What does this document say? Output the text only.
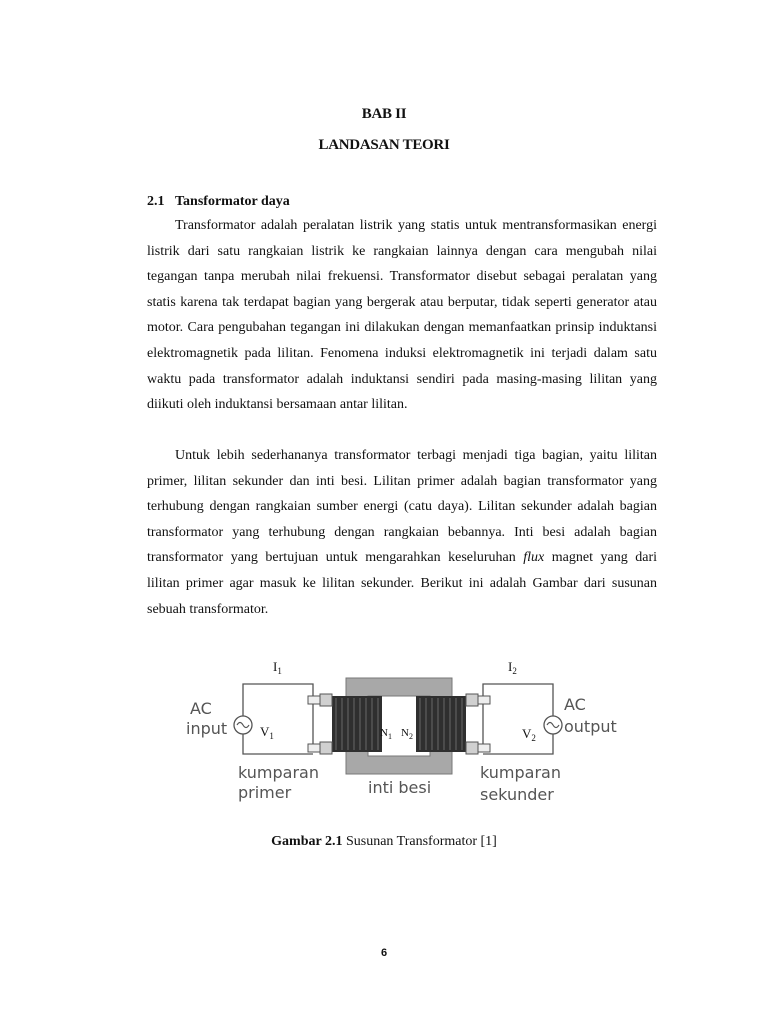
BAB II
LANDASAN TEORI
2.1 Tansformator daya

Transformator adalah peralatan listrik yang statis untuk mentransformasikan energi listrik dari satu rangkaian listrik ke rangkaian lainnya dengan cara mengubah nilai tegangan tanpa merubah nilai frekuensi. Transformator disebut sebagai peralatan yang statis karena tak terdapat bagian yang bergerak atau berputar, tidak seperti generator atau motor. Cara pengubahan tegangan ini dilakukan dengan memanfaatkan prinsip induktansi elektromagnetik pada lilitan. Fenomena induksi elektromagnetik ini terjadi dalam satu waktu pada transformator adalah induktansi sendiri pada masing-masing lilitan yang diikuti oleh induktansi bersamaan antar lilitan.

Untuk lebih sederhananya transformator terbagi menjadi tiga bagian, yaitu lilitan primer, lilitan sekunder dan inti besi. Lilitan primer adalah bagian transformator yang terhubung dengan rangkaian sumber energi (catu daya). Lilitan sekunder adalah bagian transformator yang terhubung dengan rangkaian bebannya. Inti besi adalah bagian transformator yang bertujuan untuk mengarahkan keseluruhan flux magnet yang dari lilitan primer agar masuk ke lilitan sekunder. Berikut ini adalah Gambar dari susunan sebuah transformator.

$I_1$	$I_2$
$V_1$	$V_2$
$N_1$ $N_2$
AC
input
AC
output
kumparan
primer	inti besi
kumparan
sekunder
Gambar 2.1 Susunan Transformator [1]
6
